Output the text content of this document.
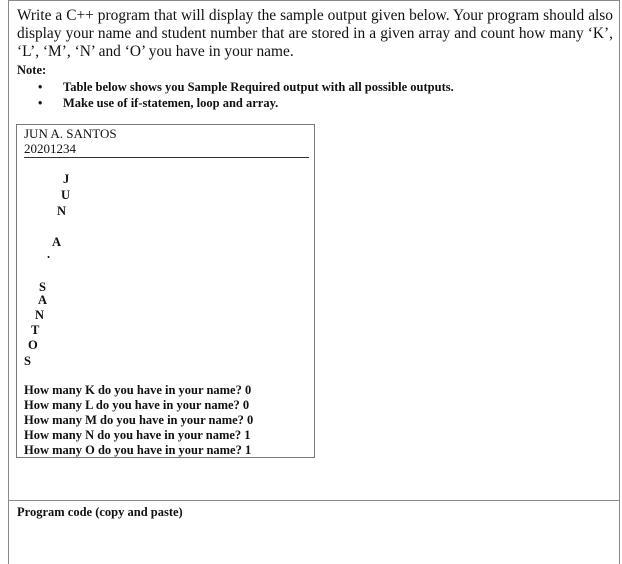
Write a C++ program that will display the sample output given below. Your program should also display your name and student number that are stored in a given array and count how many ‘K’, ‘L’, ‘M’, ‘N’ and ‘O’ you have in your name.

Note:
• Table below shows you Sample Required output with all possible outputs.
• Make use of if-statemen, loop and array.
JUN A. SANTOS
20201234
J
U
N
A
.
S
A
N
T
O
S
How many K do you have in your name? 0
How many L do you have in your name? 0
How many M do you have in your name? 0
How many N do you have in your name? 1
How many O do you have in your name? 1
Program code (copy and paste)
